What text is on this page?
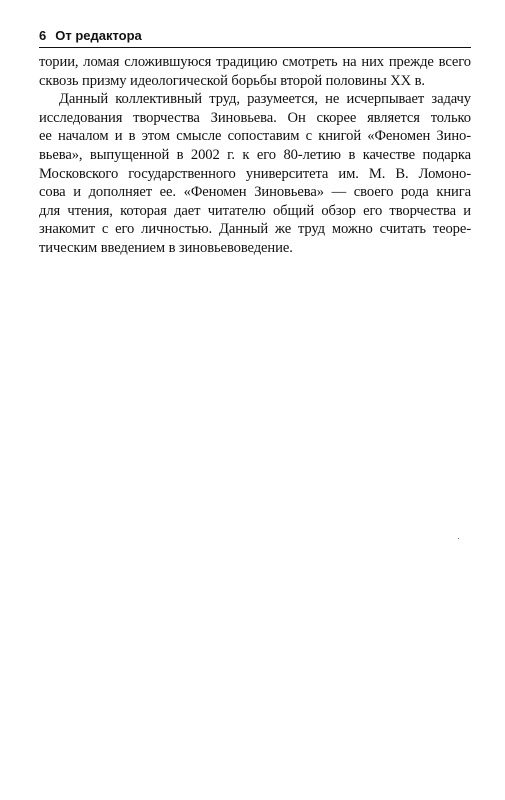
6 От редактора
тории, ломая сложившуюся традицию смотреть на них прежде всего
сквозь призму идеологической борьбы второй половины XX в.
Данный коллективный труд, разумеется, не исчерпывает задачу
исследования творчества Зиновьева. Он скорее является только
ее началом и в этом смысле сопоставим с книгой «Феномен Зино-
вьева», выпущенной в 2002 г. к его 80-летию в качестве подарка
Московского государственного университета им. М. В. Ломоно-
сова и дополняет ее. «Феномен Зиновьева» — своего рода книга
для чтения, которая дает читателю общий обзор его творчества и
знакомит с его личностью. Данный же труд можно считать теоре-
тическим введением в зиновьевоведение.
